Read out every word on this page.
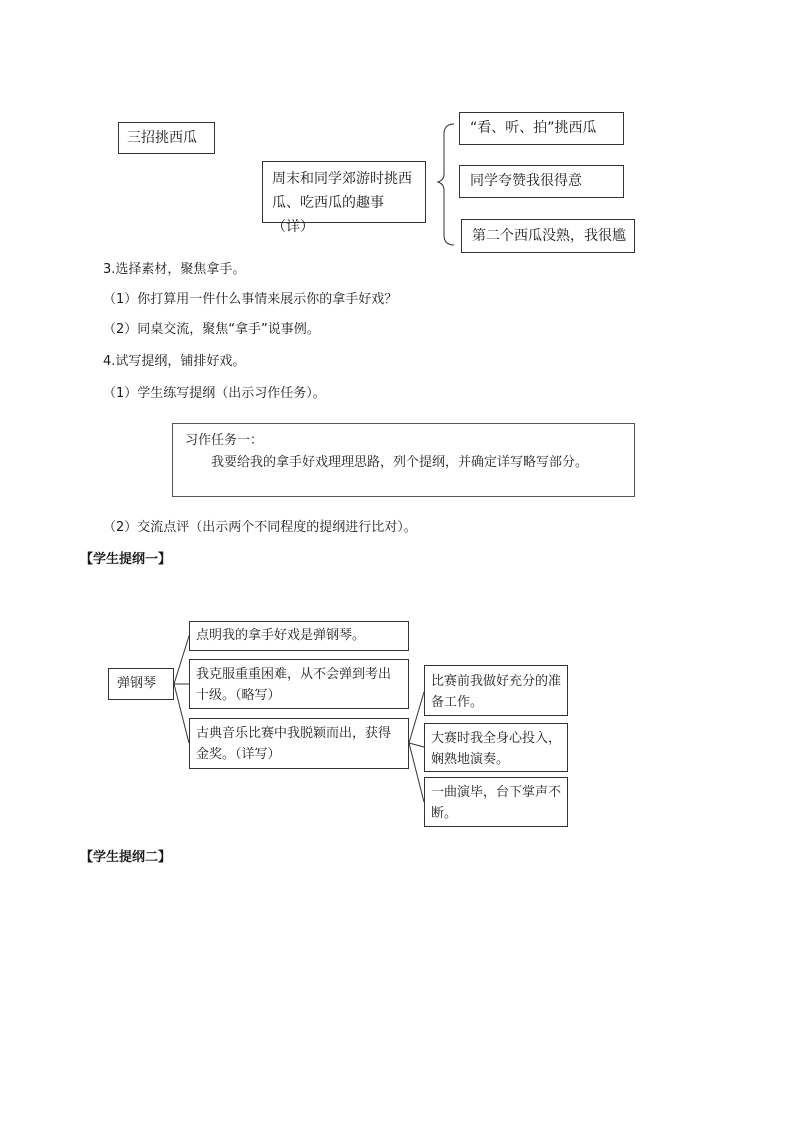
三招挑西瓜
周末和同学郊游时挑西瓜、吃西瓜的趣事（详）
“看、听、拍”挑西瓜
同学夸赞我很得意
第二个西瓜没熟，我很尴
3.选择素材，聚焦拿手。
（1）你打算用一件什么事情来展示你的拿手好戏？
（2）同桌交流，聚焦“拿手”说事例。
4.试写提纲，铺排好戏。
（1）学生练写提纲（出示习作任务）。
习作任务一：
我要给我的拿手好戏理理思路，列个提纲，并确定详写略写部分。
（2）交流点评（出示两个不同程度的提纲进行比对）。
【学生提纲一】
弹钢琴
点明我的拿手好戏是弹钢琴。
我克服重重困难，从不会弹到考出十级。（略写）
古典音乐比赛中我脱颖而出，获得金奖。（详写）
比赛前我做好充分的准备工作。
大赛时我全身心投入，娴熟地演奏。
一曲演毕，台下掌声不断。
【学生提纲二】
